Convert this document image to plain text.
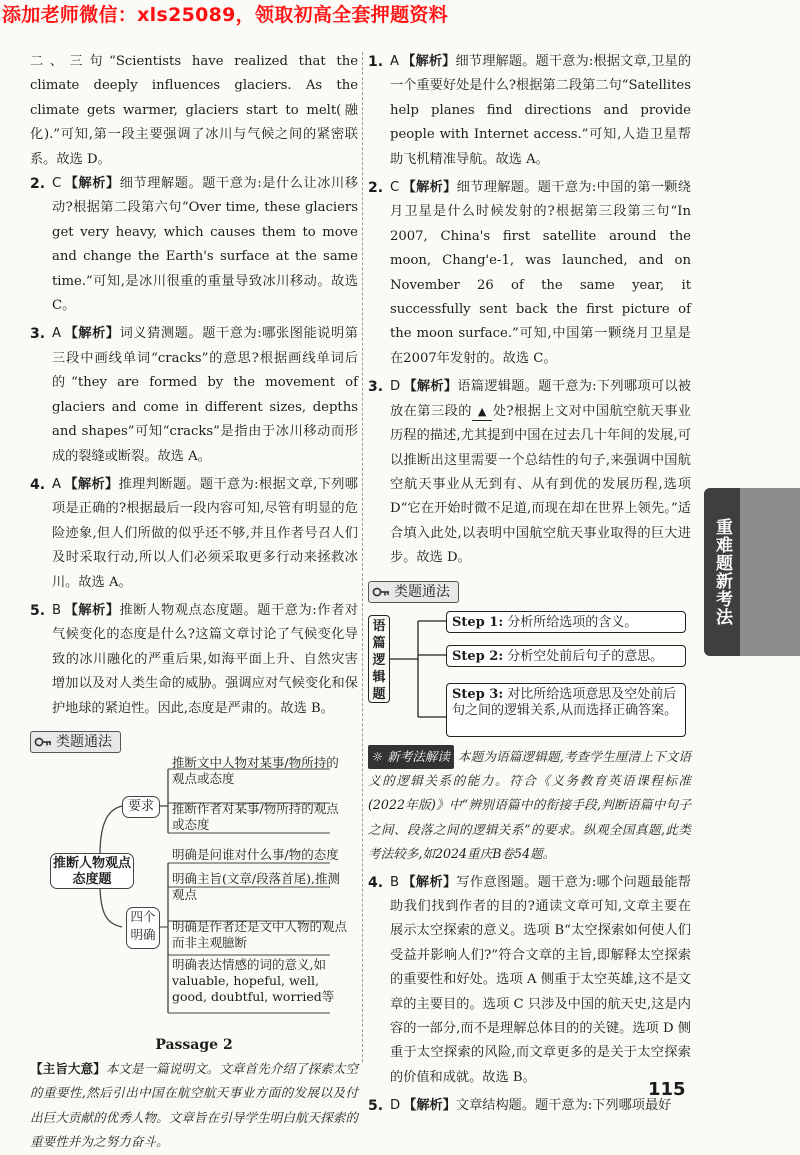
添加老师微信：xls25089，领取初高全套押题资料

二、三句“Scientists have realized that the climate deeply influences glaciers. As the climate gets warmer, glaciers start to melt(融化).”可知,第一段主要强调了冰川与气候之间的紧密联系。故选 D。

2. C 【解析】细节理解题。题干意为:是什么让冰川移动?根据第二段第六句“Over time, these glaciers get very heavy, which causes them to move and change the Earth's surface at the same time.”可知,是冰川很重的重量导致冰川移动。故选 C。
3. A 【解析】词义猜测题。题干意为:哪张图能说明第三段中画线单词“cracks”的意思?根据画线单词后的“they are formed by the movement of glaciers and come in different sizes, depths and shapes”可知“cracks”是指由于冰川移动而形成的裂缝或断裂。故选 A。
4. A 【解析】推理判断题。题干意为:根据文章,下列哪项是正确的?根据最后一段内容可知,尽管有明显的危险迹象,但人们所做的似乎还不够,并且作者号召人们及时采取行动,所以人们必须采取更多行动来拯救冰川。故选 A。
5. B 【解析】推断人物观点态度题。题干意为:作者对气候变化的态度是什么?这篇文章讨论了气候变化导致的冰川融化的严重后果,如海平面上升、自然灾害增加以及对人类生命的威胁。强调应对气候变化和保护地球的紧迫性。因此,态度是严肃的。故选 B。
类题通法
推断人物观点态度题
要求
四个明确
推断文中人物对某事/物所持的观点或态度
推断作者对某事/物所持的观点或态度
明确是问谁对什么事/物的态度
明确主旨(文章/段落首尾),推测观点
明确是作者还是文中人物的观点而非主观臆断
明确表达情感的词的意义,如 valuable, hopeful, well, good, doubtful, worried等
Passage 2

【主旨大意】本文是一篇说明文。文章首先介绍了探索太空的重要性,然后引出中国在航空航天事业方面的发展以及付出巨大贡献的优秀人物。文章旨在引导学生明白航天探索的重要性并为之努力奋斗。

1. A 【解析】细节理解题。题干意为:根据文章,卫星的一个重要好处是什么?根据第二段第二句“Satellites help planes find directions and provide people with Internet access.”可知,人造卫星帮助飞机精准导航。故选 A。
2. C 【解析】细节理解题。题干意为:中国的第一颗绕月卫星是什么时候发射的?根据第三段第三句“In 2007, China's first satellite around the moon, Chang'e-1, was launched, and on November 26 of the same year, it successfully sent back the first picture of the moon surface.”可知,中国第一颗绕月卫星是在2007年发射的。故选 C。
3. D 【解析】语篇逻辑题。题干意为:下列哪项可以被放在第三段的 ▲ 处?根据上文对中国航空航天事业历程的描述,尤其提到中国在过去几十年间的发展,可以推断出这里需要一个总结性的句子,来强调中国航空航天事业从无到有、从有到优的发展历程,选项 D“它在开始时微不足道,而现在却在世界上领先。”适合填入此处,以表明中国航空航天事业取得的巨大进步。故选 D。
类题通法
语篇逻辑题
Step 1: 分析所给选项的含义。
Step 2: 分析空处前后句子的意思。
Step 3: 对比所给选项意思及空处前后句之间的逻辑关系,从而选择正确答案。

☼ 新考法解读 本题为语篇逻辑题,考查学生厘清上下文语义的逻辑关系的能力。符合《义务教育英语课程标准(2022年版)》中“辨别语篇中的衔接手段,判断语篇中句子之间、段落之间的逻辑关系”的要求。纵观全国真题,此类考法较多,如2024重庆B卷54题。

4. B 【解析】写作意图题。题干意为:哪个问题最能帮助我们找到作者的目的?通读文章可知,文章主要在展示太空探索的意义。选项 B“太空探索如何使人们受益并影响人们?”符合文章的主旨,即解释太空探索的重要性和好处。选项 A 侧重于太空英雄,这不是文章的主要目的。选项 C 只涉及中国的航天史,这是内容的一部分,而不是理解总体目的的关键。选项 D 侧重于太空探索的风险,而文章更多的是关于太空探索的价值和成就。故选 B。
5. D 【解析】文章结构题。题干意为:下列哪项最好
重难题新考法
115
